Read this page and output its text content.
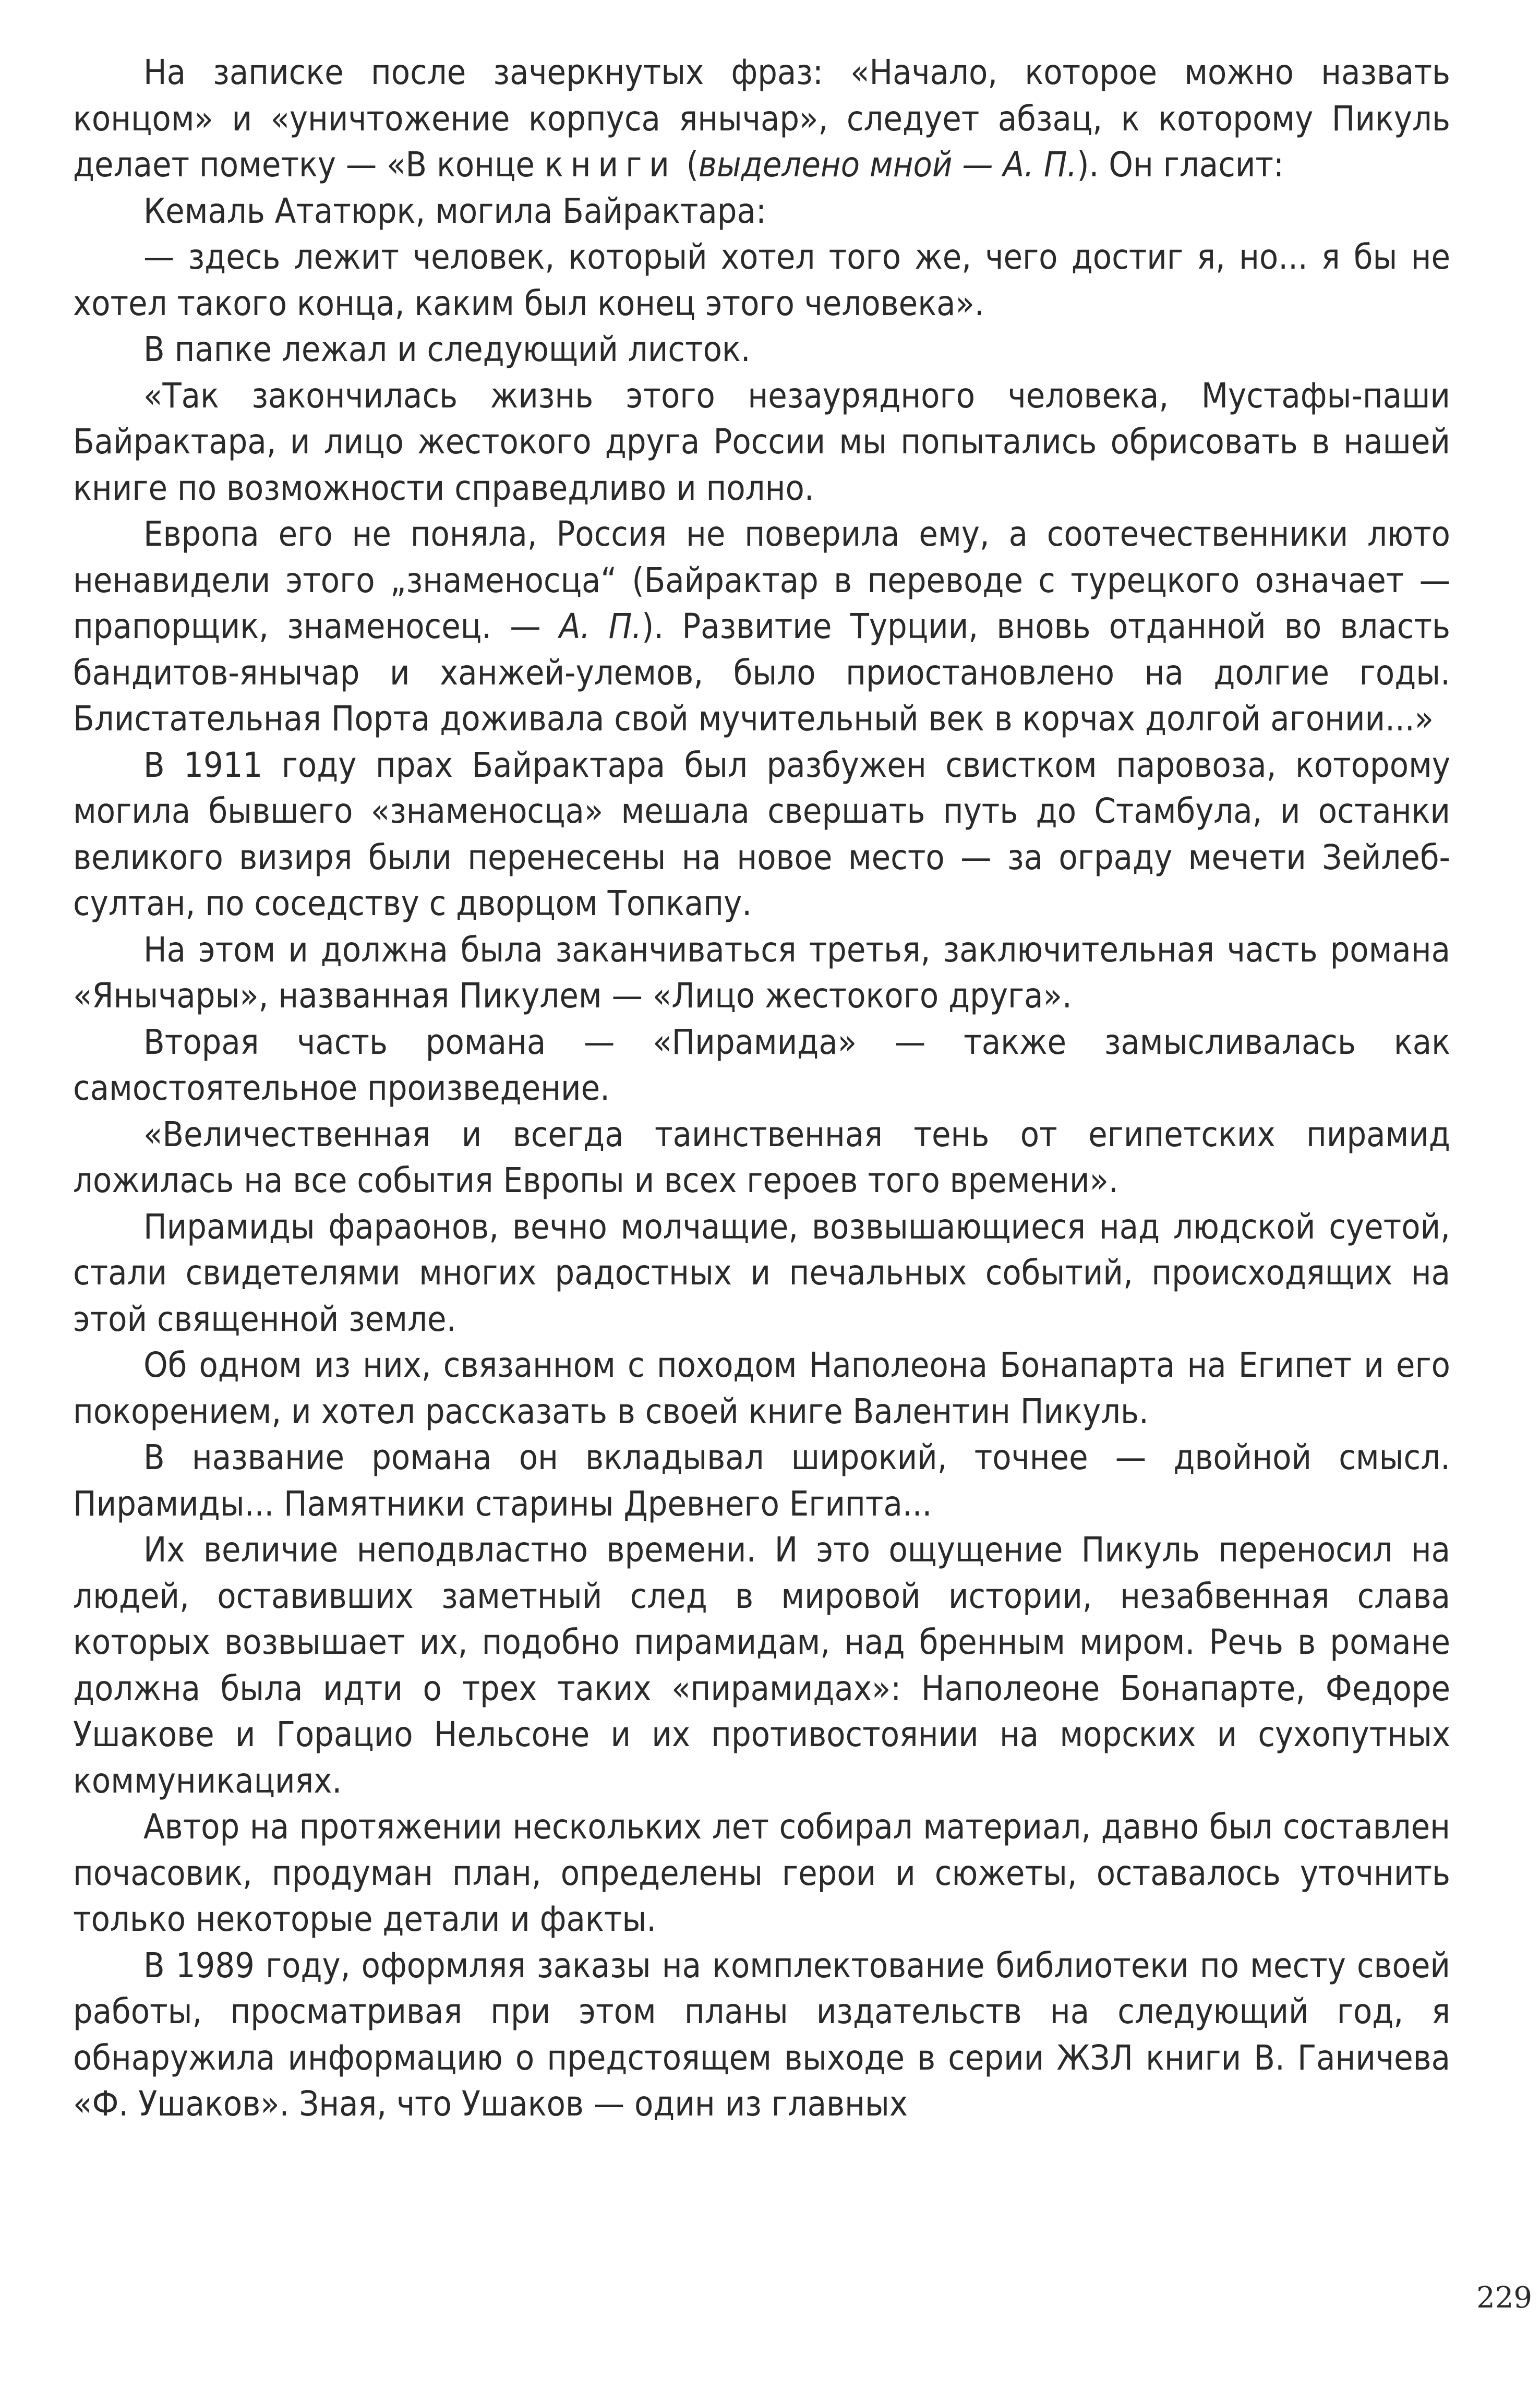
На записке после зачеркнутых фраз: «Начало, которое можно назвать концом» и «уничтожение корпуса янычар», следует абзац, к которому Пикуль делает пометку — «В конце книги (выделено мной — А. П.). Он гласит:

Кемаль Ататюрк, могила Байрактара:

— здесь лежит человек, который хотел того же, чего достиг я, но... я бы не хотел такого конца, каким был конец этого человека».

В папке лежал и следующий листок.

«Так закончилась жизнь этого незаурядного человека, Мустафы-паши Байрактара, и лицо жестокого друга России мы попытались обрисовать в нашей книге по возможности справедливо и полно.

Европа его не поняла, Россия не поверила ему, а соотечественники люто ненавидели этого „знаменосца“ (Байрактар в переводе с турецкого означает — прапорщик, знаменосец. — А. П.). Развитие Турции, вновь отданной во власть бандитов-янычар и ханжей-улемов, было приостановлено на долгие годы. Блистательная Порта доживала свой мучительный век в корчах долгой агонии...»

В 1911 году прах Байрактара был разбужен свистком паровоза, которому могила бывшего «знаменосца» мешала свершать путь до Стамбула, и останки великого визиря были перенесены на новое место — за ограду мечети Зейлеб-султан, по соседству с дворцом Топкапу.

На этом и должна была заканчиваться третья, заключительная часть романа «Янычары», названная Пикулем — «Лицо жестокого друга».

Вторая часть романа — «Пирамида» — также замысливалась как самостоятельное произведение.

«Величественная и всегда таинственная тень от египетских пирамид ложилась на все события Европы и всех героев того времени».

Пирамиды фараонов, вечно молчащие, возвышающиеся над людской суетой, стали свидетелями многих радостных и печальных событий, происходящих на этой священной земле.

Об одном из них, связанном с походом Наполеона Бонапарта на Египет и его покорением, и хотел рассказать в своей книге Валентин Пикуль.

В название романа он вкладывал широкий, точнее — двойной смысл. Пирамиды... Памятники старины Древнего Египта...

Их величие неподвластно времени. И это ощущение Пикуль переносил на людей, оставивших заметный след в мировой истории, незабвенная слава которых возвышает их, подобно пирамидам, над бренным миром. Речь в романе должна была идти о трех таких «пирамидах»: Наполеоне Бонапарте, Федоре Ушакове и Горацио Нельсоне и их противостоянии на морских и сухопутных коммуникациях.

Автор на протяжении нескольких лет собирал материал, давно был составлен почасовик, продуман план, определены герои и сюжеты, оставалось уточнить только некоторые детали и факты.

В 1989 году, оформляя заказы на комплектование библиотеки по месту своей работы, просматривая при этом планы издательств на следующий год, я обнаружила информацию о предстоящем выходе в серии ЖЗЛ книги В. Ганичева «Ф. Ушаков». Зная, что Ушаков — один из главных

229
